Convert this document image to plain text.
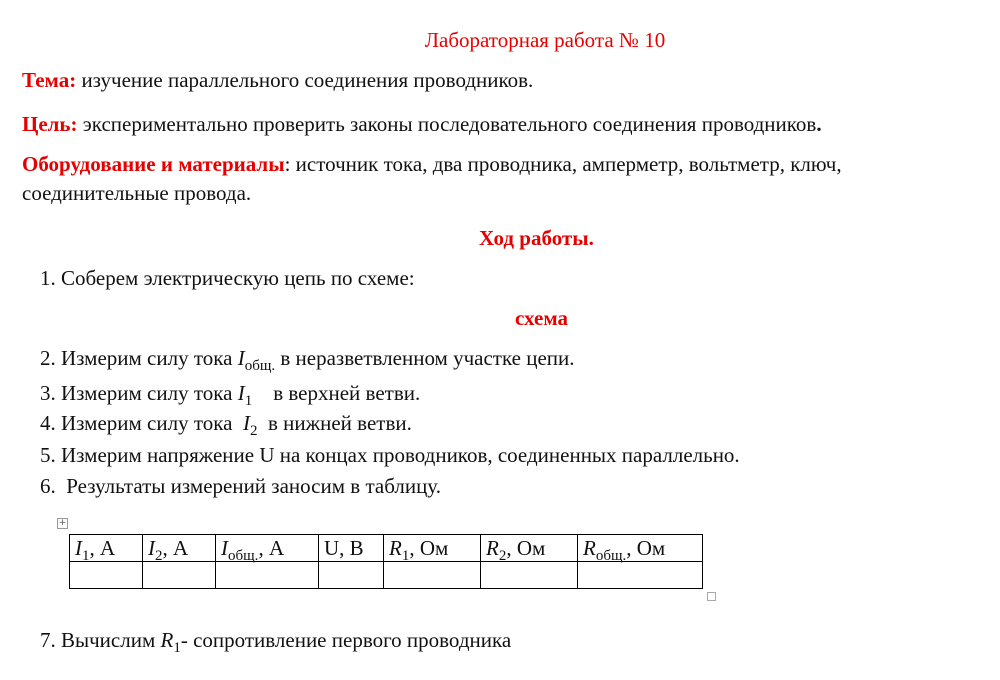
Лабораторная работа № 10
Тема: изучение параллельного соединения проводников.
Цель: экспериментально проверить законы последовательного соединения проводников.
Оборудование и материалы: источник тока, два проводника, амперметр, вольтметр, ключ,
соединительные провода.
Ход работы.
1. Соберем электрическую цепь по схеме:
схема
2. Измерим силу тока $I_{общ.}$ в неразветвленном участке цепи.
3. Измерим силу тока $I_1$    в верхней ветви.
4. Измерим силу тока  $I_2$  в нижней ветви.
5. Измерим напряжение U на концах проводников, соединенных параллельно.
6.  Результаты измерений заносим в таблицу.
+
$I_1$, А	$I_2$, А	$I_{общ.}$, А	U, В	$R_1$, Ом	$R_2$, Ом	$R_{общ.}$, Ом

7. Вычислим $R_1-$ сопротивление первого проводника
